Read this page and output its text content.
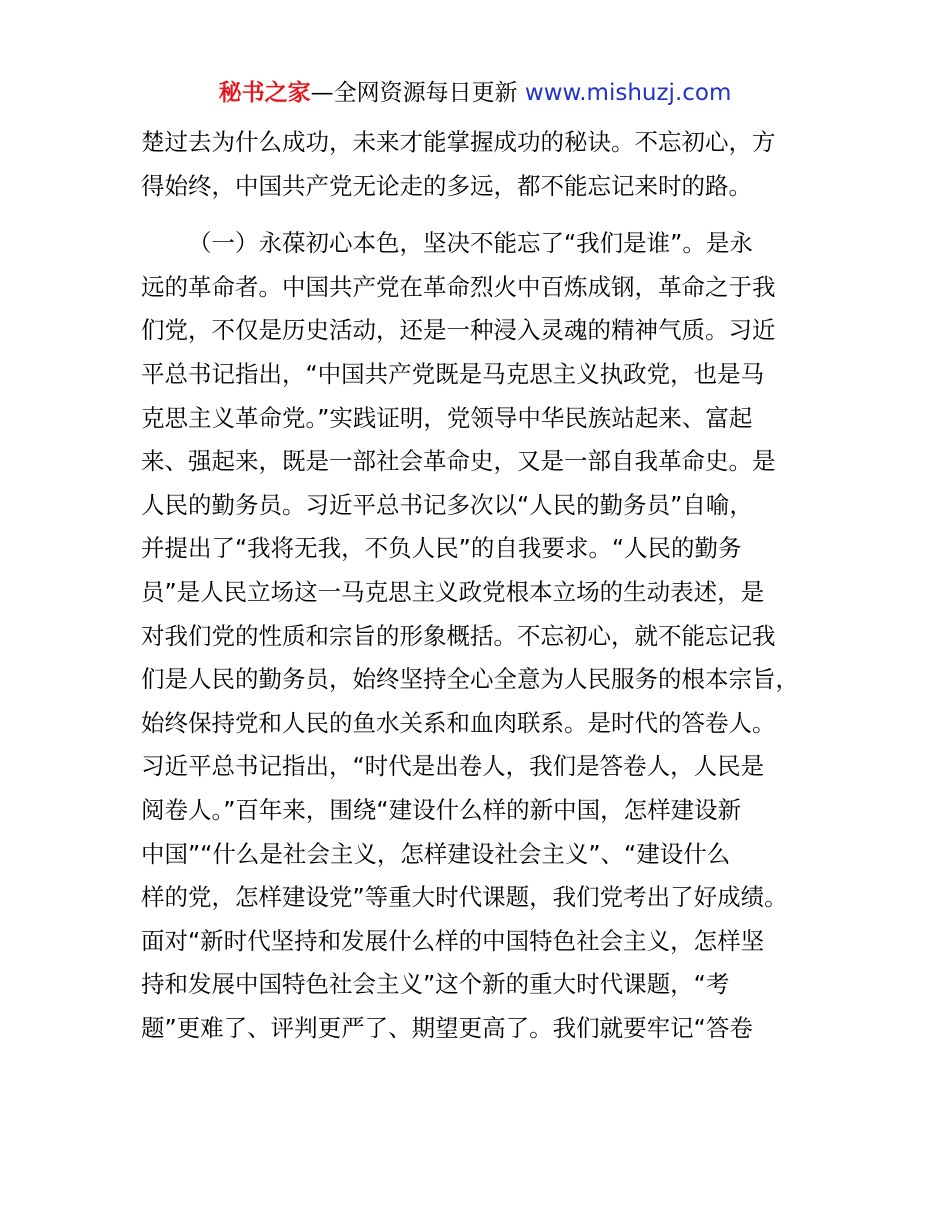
秘书之家—全网资源每日更新 www.mishuzj.com
楚过去为什么成功，未来才能掌握成功的秘诀。不忘初心，方
得始终，中国共产党无论走的多远，都不能忘记来时的路。
（一）永葆初心本色，坚决不能忘了“我们是谁”。是永
远的革命者。中国共产党在革命烈火中百炼成钢，革命之于我
们党，不仅是历史活动，还是一种浸入灵魂的精神气质。习近
平总书记指出，“中国共产党既是马克思主义执政党，也是马
克思主义革命党。”实践证明，党领导中华民族站起来、富起
来、强起来，既是一部社会革命史，又是一部自我革命史。是
人民的勤务员。习近平总书记多次以“人民的勤务员”自喻，
并提出了“我将无我，不负人民”的自我要求。“人民的勤务
员”是人民立场这一马克思主义政党根本立场的生动表述，是
对我们党的性质和宗旨的形象概括。不忘初心，就不能忘记我
们是人民的勤务员，始终坚持全心全意为人民服务的根本宗旨，
始终保持党和人民的鱼水关系和血肉联系。是时代的答卷人。
习近平总书记指出，“时代是出卷人，我们是答卷人，人民是
阅卷人。”百年来，围绕“建设什么样的新中国，怎样建设新
中国”“什么是社会主义，怎样建设社会主义”、“建设什么
样的党，怎样建设党”等重大时代课题，我们党考出了好成绩。
面对“新时代坚持和发展什么样的中国特色社会主义，怎样坚
持和发展中国特色社会主义”这个新的重大时代课题，“考
题”更难了、评判更严了、期望更高了。我们就要牢记“答卷
